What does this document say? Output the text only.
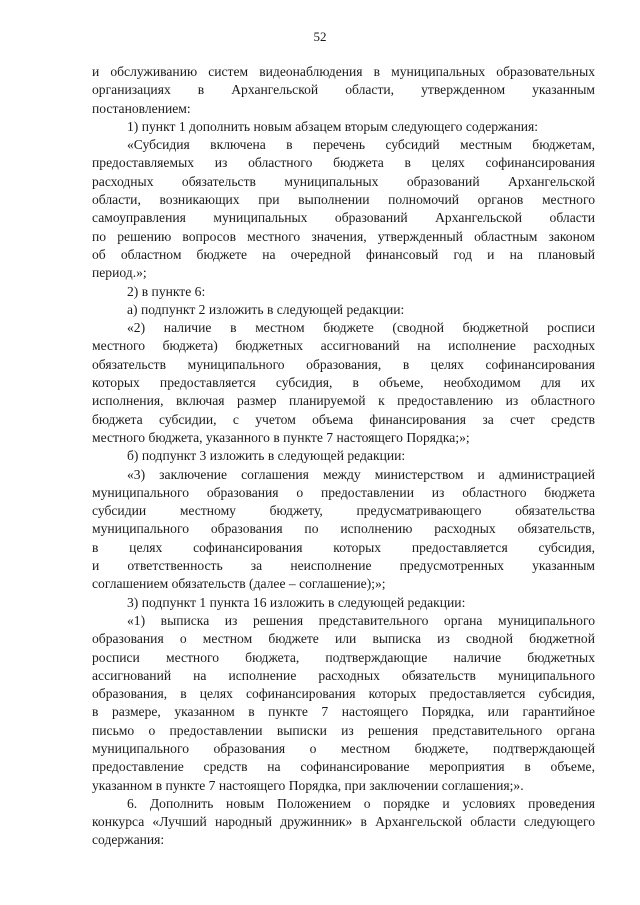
52
и обслуживанию систем видеонаблюдения в муниципальных образовательных
организациях в Архангельской области, утвержденном указанным
постановлением:
1) пункт 1 дополнить новым абзацем вторым следующего содержания:
«Субсидия включена в перечень субсидий местным бюджетам,
предоставляемых из областного бюджета в целях софинансирования
расходных обязательств муниципальных образований Архангельской
области, возникающих при выполнении полномочий органов местного
самоуправления муниципальных образований Архангельской области
по решению вопросов местного значения, утвержденный областным законом
об областном бюджете на очередной финансовый год и на плановый
период.»;
2) в пункте 6:
а) подпункт 2 изложить в следующей редакции:
«2) наличие в местном бюджете (сводной бюджетной росписи
местного бюджета) бюджетных ассигнований на исполнение расходных
обязательств муниципального образования, в целях софинансирования
которых предоставляется субсидия, в объеме, необходимом для их
исполнения, включая размер планируемой к предоставлению из областного
бюджета субсидии, с учетом объема финансирования за счет средств
местного бюджета, указанного в пункте 7 настоящего Порядка;»;
б) подпункт 3 изложить в следующей редакции:
«3) заключение соглашения между министерством и администрацией
муниципального образования о предоставлении из областного бюджета
субсидии местному бюджету, предусматривающего обязательства
муниципального образования по исполнению расходных обязательств,
в целях софинансирования которых предоставляется субсидия,
и ответственность за неисполнение предусмотренных указанным
соглашением обязательств (далее – соглашение);»;
3) подпункт 1 пункта 16 изложить в следующей редакции:
«1) выписка из решения представительного органа муниципального
образования о местном бюджете или выписка из сводной бюджетной
росписи местного бюджета, подтверждающие наличие бюджетных
ассигнований на исполнение расходных обязательств муниципального
образования, в целях софинансирования которых предоставляется субсидия,
в размере, указанном в пункте 7 настоящего Порядка, или гарантийное
письмо о предоставлении выписки из решения представительного органа
муниципального образования о местном бюджете, подтверждающей
предоставление средств на софинансирование мероприятия в объеме,
указанном в пункте 7 настоящего Порядка, при заключении соглашения;».
6. Дополнить новым Положением о порядке и условиях проведения
конкурса «Лучший народный дружинник» в Архангельской области следующего
содержания:
